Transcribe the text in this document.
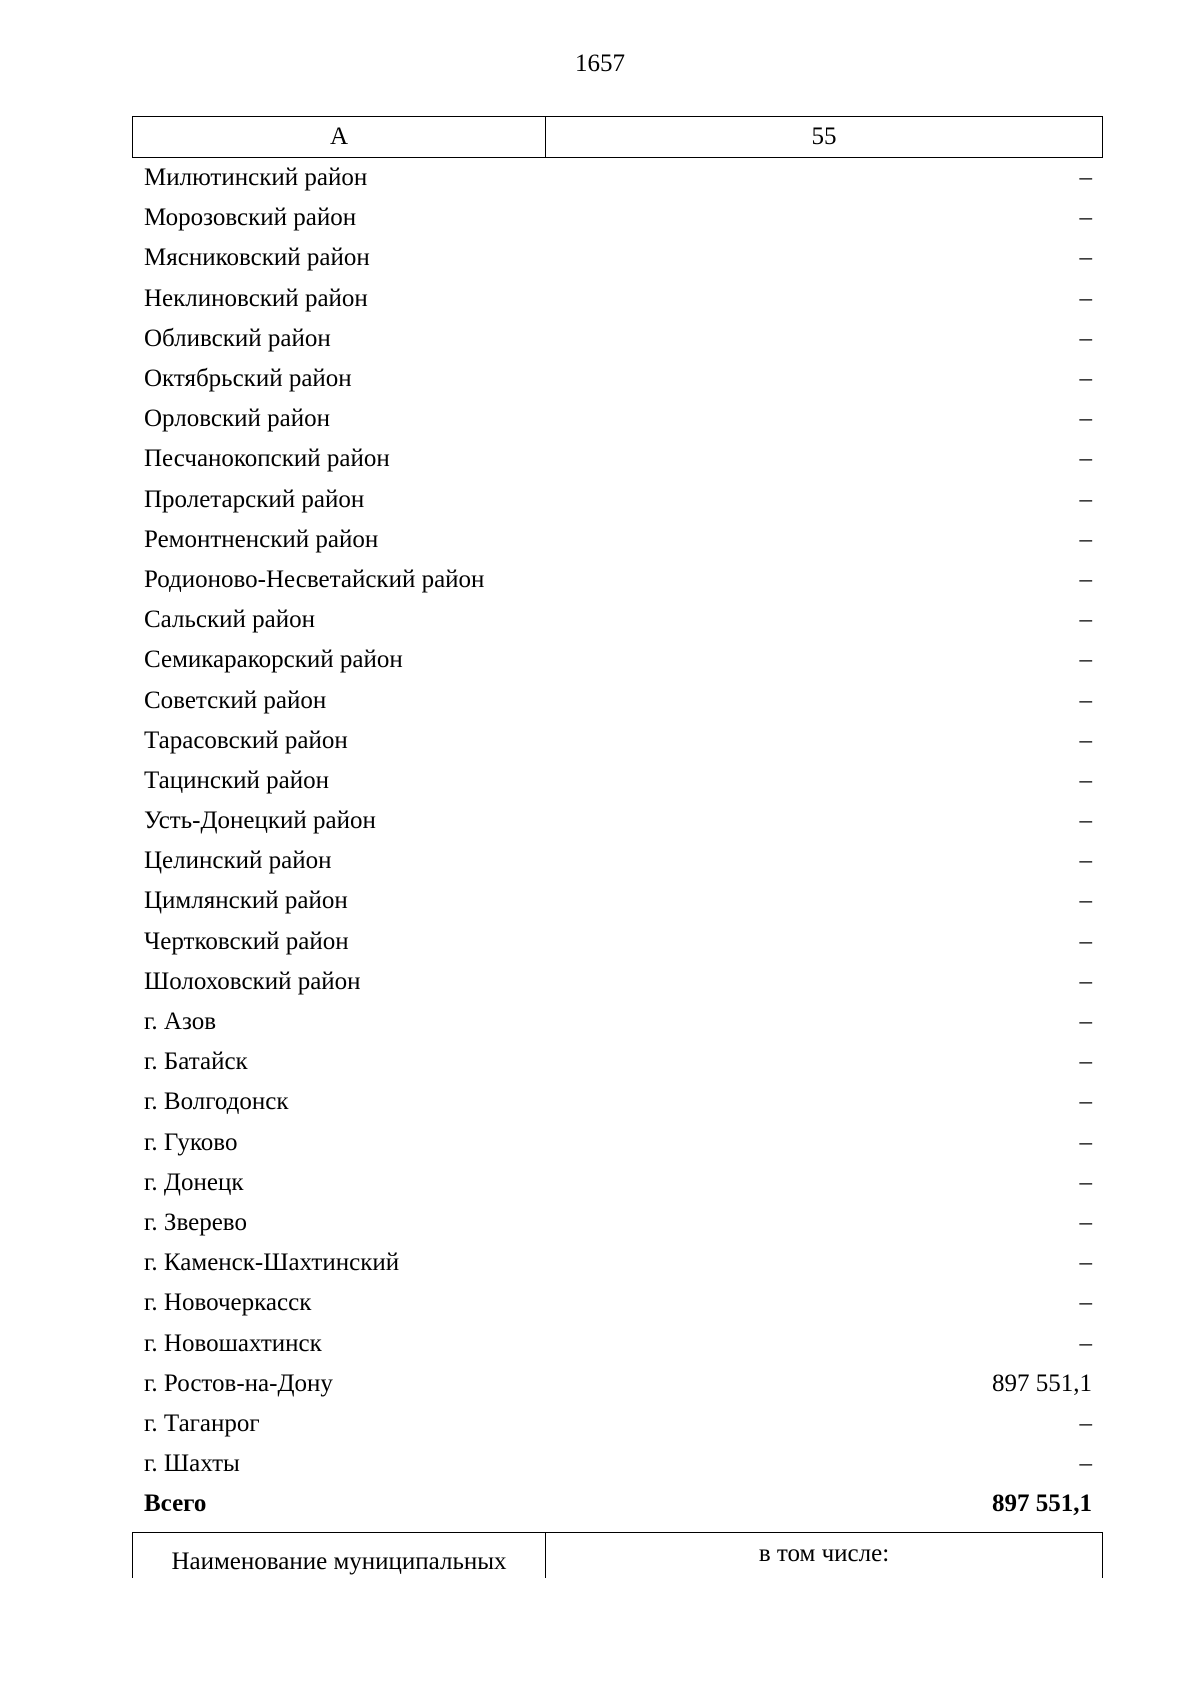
1657
А	55
Милютинский район	–
Морозовский район	–
Мясниковский район	–
Неклиновский район	–
Обливский район	–
Октябрьский район	–
Орловский район	–
Песчанокопский район	–
Пролетарский район	–
Ремонтненский район	–
Родионово-Несветайский район	–
Сальский район	–
Семикаракорский район	–
Советский район	–
Тарасовский район	–
Тацинский район	–
Усть-Донецкий район	–
Целинский район	–
Цимлянский район	–
Чертковский район	–
Шолоховский район	–
г. Азов	–
г. Батайск	–
г. Волгодонск	–
г. Гуково	–
г. Донецк	–
г. Зверево	–
г. Каменск-Шахтинский	–
г. Новочеркасск	–
г. Новошахтинск	–
г. Ростов-на-Дону	897 551,1
г. Таганрог	–
г. Шахты	–
Всего	897 551,1
Наименование муниципальных	в том числе:
